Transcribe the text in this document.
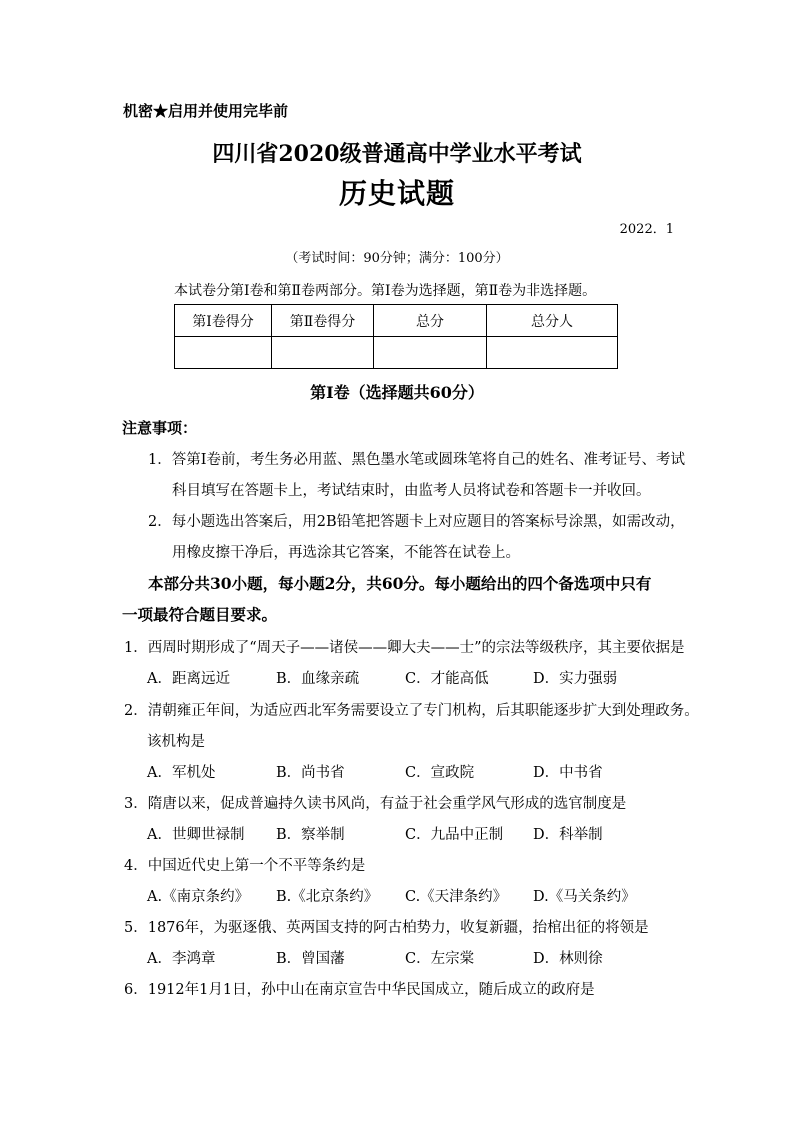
机密★启用并使用完毕前
四川省2020级普通高中学业水平考试
历史试题
2022．1
（考试时间：90分钟；满分：100分）
本试卷分第Ⅰ卷和第Ⅱ卷两部分。第Ⅰ卷为选择题，第Ⅱ卷为非选择题。
第Ⅰ卷得分	第Ⅱ卷得分	总分	总分人

第Ⅰ卷（选择题共60分）
注意事项：
1．答第Ⅰ卷前，考生务必用蓝、黑色墨水笔或圆珠笔将自己的姓名、准考证号、考试
科目填写在答题卡上，考试结束时，由监考人员将试卷和答题卡一并收回。
2．每小题选出答案后，用2B铅笔把答题卡上对应题目的答案标号涂黑，如需改动，
用橡皮擦干净后，再选涂其它答案，不能答在试卷上。
本部分共30小题，每小题2分，共60分。每小题给出的四个备选项中只有
一项最符合题目要求。
1．西周时期形成了“周天子——诸侯——卿大夫——士”的宗法等级秩序，其主要依据是
A．距离远近	B．血缘亲疏	C．才能高低	D．实力强弱
2．清朝雍正年间，为适应西北军务需要设立了专门机构，后其职能逐步扩大到处理政务。
该机构是
A．军机处	B．尚书省	C．宣政院	D．中书省
3．隋唐以来，促成普遍持久读书风尚，有益于社会重学风气形成的选官制度是
A．世卿世禄制 B．察举制	C．九品中正制 D．科举制
4．中国近代史上第一个不平等条约是
A.《南京条约》 B.《北京条约》 C.《天津条约》 D.《马关条约》
5．1876年，为驱逐俄、英两国支持的阿古柏势力，收复新疆，抬棺出征的将领是
A．李鸿章	B．曾国藩	C．左宗棠	D．林则徐
6．1912年1月1日，孙中山在南京宣告中华民国成立，随后成立的政府是
